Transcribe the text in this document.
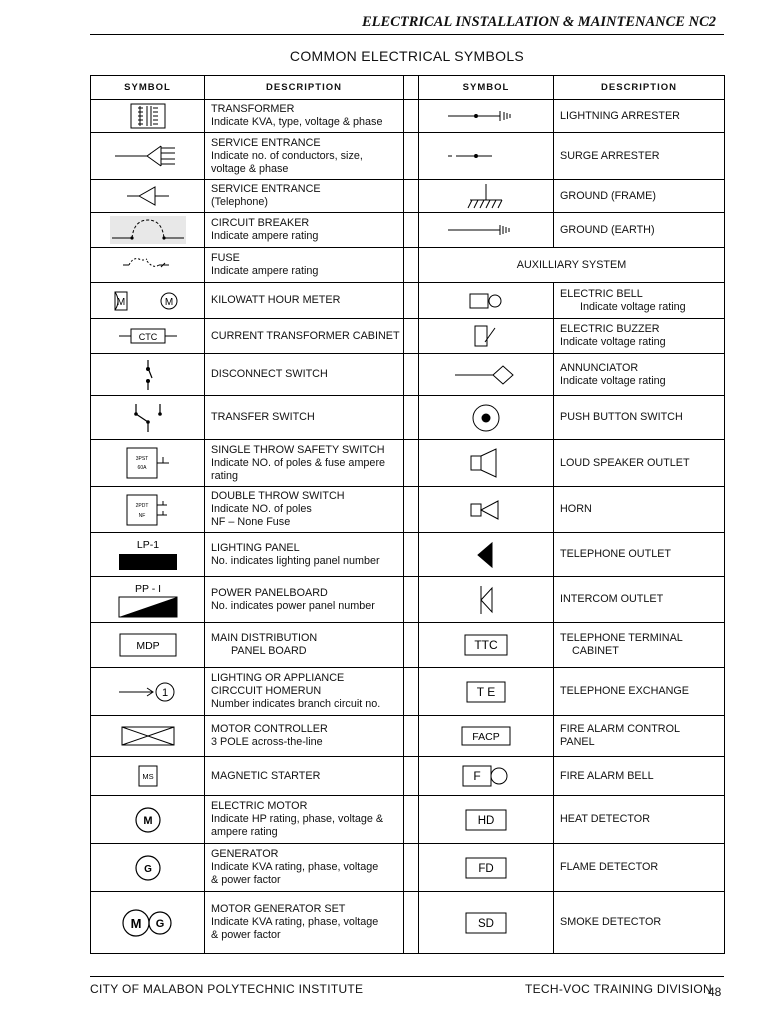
ELECTRICAL INSTALLATION & MAINTENANCE NC2
COMMON ELECTRICAL SYMBOLS
SYMBOL	DESCRIPTION		SYMBOL	DESCRIPTION

TRANSFORMER
Indicate KVA, type, voltage & phase			LIGHTNING ARRESTER

SERVICE ENTRANCE
Indicate no. of conductors, size,
voltage & phase			SURGE ARRESTER

SERVICE ENTRANCE
(Telephone)			GROUND (FRAME)

CIRCUIT BREAKER
Indicate ampere rating			GROUND (EARTH)

FUSE
Indicate ampere rating		AUXILLIARY SYSTEM	

M M	KILOWATT HOUR METER			ELECTRIC BELL
Indicate voltage rating

CTC	CURRENT TRANSFORMER CABINET			ELECTRIC BUZZER
Indicate voltage rating

DISCONNECT SWITCH			ANNUNCIATOR
Indicate voltage rating

TRANSFER SWITCH			PUSH BUTTON SWITCH

3PST
60A	SINGLE THROW SAFETY SWITCH
Indicate NO. of poles & fuse ampere
rating			LOUD SPEAKER OUTLET

2PDT
NF	DOUBLE THROW SWITCH
Indicate NO. of poles
NF – None Fuse			HORN

LP-1	LIGHTING PANEL
No. indicates lighting panel number			TELEPHONE OUTLET

PP - I	POWER PANELBOARD
No. indicates power panel number			INTERCOM OUTLET

MDP	MAIN DISTRIBUTION
PANEL BOARD		TTC	TELEPHONE TERMINAL
CABINET

1	LIGHTING OR APPLIANCE
CIRCCUIT HOMERUN
Number indicates branch circuit no.		T E	TELEPHONE EXCHANGE

MOTOR CONTROLLER
3 POLE across-the-line		FACP	FIRE ALARM CONTROL
PANEL

MS	MAGNETIC STARTER		F	FIRE ALARM BELL

M	ELECTRIC MOTOR
Indicate HP rating, phase, voltage &
ampere rating		HD	HEAT DETECTOR

G	GENERATOR
Indicate KVA rating, phase, voltage
& power factor		FD	FLAME DETECTOR

M G	MOTOR GENERATOR SET
Indicate KVA rating, phase, voltage
& power factor		SD	SMOKE DETECTOR
CITY OF MALABON POLYTECHNIC INSTITUTE	TECH-VOC TRAINING DIVISION
48
